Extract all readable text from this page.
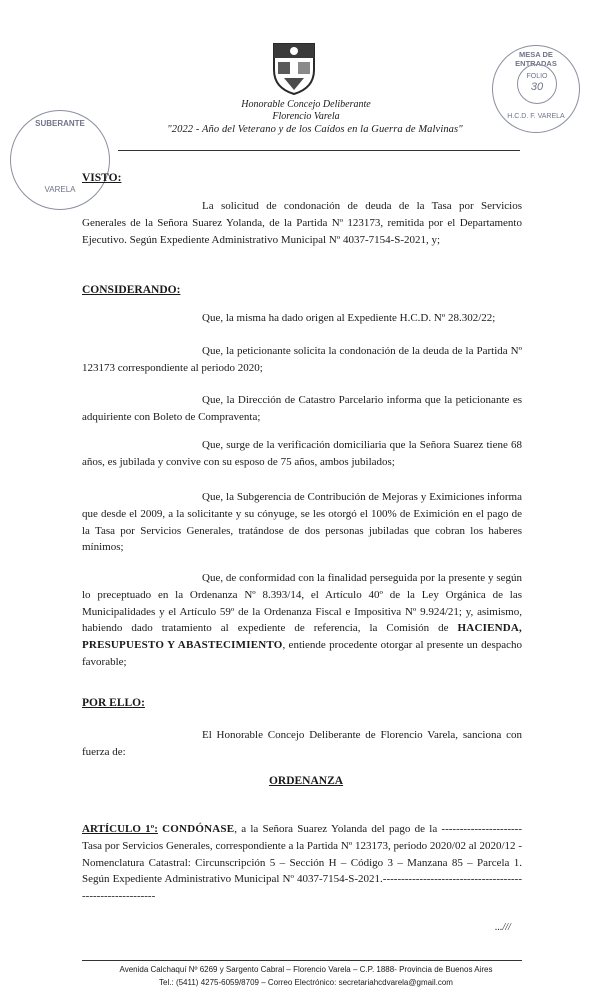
Honorable Concejo Deliberante
Florencio Varela
"2022 - Año del Veterano y de los Caídos en la Guerra de Malvinas"
MESA DE ENTRADAS
FOLIO
30
H.C.D. F. VARELA
SUBERANTE
VARELA
VISTO:

La solicitud de condonación de deuda de la Tasa por Servicios Generales de la Señora Suarez Yolanda, de la Partida Nº 123173, remitida por el Departamento Ejecutivo. Según Expediente Administrativo Municipal Nº 4037-7154-S-2021, y;

CONSIDERANDO:

Que, la misma ha dado origen al Expediente H.C.D. Nº 28.302/22;

Que, la peticionante solicita la condonación de la deuda de la Partida Nº 123173 correspondiente al periodo 2020;

Que, la Dirección de Catastro Parcelario informa que la peticionante es adquiriente con Boleto de Compraventa;

Que, surge de la verificación domiciliaria que la Señora Suarez tiene 68 años, es jubilada y convive con su esposo de 75 años, ambos jubilados;

Que, la Subgerencia de Contribución de Mejoras y Eximiciones informa que desde el 2009, a la solicitante y su cónyuge, se les otorgó el 100% de Eximición en el pago de la Tasa por Servicios Generales, tratándose de dos personas jubiladas que cobran los haberes mínimos;

Que, de conformidad con la finalidad perseguida por la presente y según lo preceptuado en la Ordenanza Nº 8.393/14, el Artículo 40º de la Ley Orgánica de las Municipalidades y el Artículo 59º de la Ordenanza Fiscal e Impositiva Nº 9.924/21; y, asimismo, habiendo dado tratamiento al expediente de referencia, la Comisión de HACIENDA, PRESUPUESTO Y ABASTECIMIENTO, entiende procedente otorgar al presente un despacho favorable;

POR ELLO:

El Honorable Concejo Deliberante de Florencio Varela, sanciona con fuerza de:

ORDENANZA

ARTÍCULO 1º: CONDÓNASE, a la Señora Suarez Yolanda del pago de la ---------------------- Tasa por Servicios Generales, correspondiente a la Partida Nº 123173, periodo 2020/02 al 2020/12 - Nomenclatura Catastral: Circunscripción 5 – Sección H – Código 3 – Manzana 85 – Parcela 1. Según Expediente Administrativo Municipal Nº 4037-7154-S-2021.----------------------------------------------------------

...///
Avenida Calchaquí Nº 6269 y Sargento Cabral – Florencio Varela – C.P. 1888- Provincia de Buenos Aires
Tel.: (5411) 4275-6059/8709 – Correo Electrónico: secretariahcdvarela@gmail.com
